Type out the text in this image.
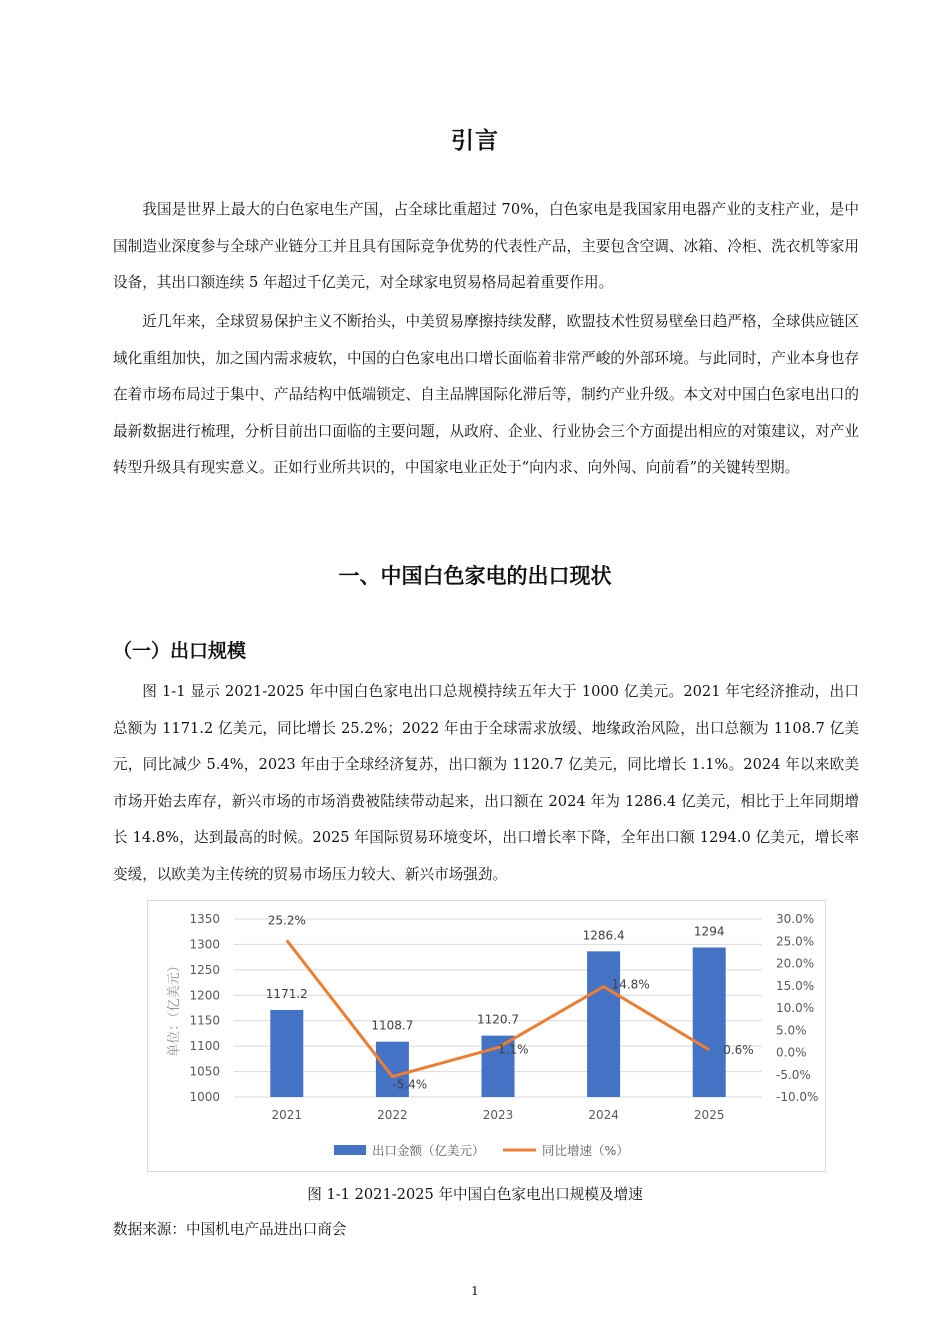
引言

我国是世界上最大的白色家电生产国，占全球比重超过 70%，白色家电是我国家用电器产业的支柱产业，是中国制造业深度参与全球产业链分工并且具有国际竞争优势的代表性产品，主要包含空调、冰箱、冷柜、洗衣机等家用设备，其出口额连续 5 年超过千亿美元，对全球家电贸易格局起着重要作用。

近几年来，全球贸易保护主义不断抬头，中美贸易摩擦持续发酵，欧盟技术性贸易壁垒日趋严格，全球供应链区域化重组加快，加之国内需求疲软，中国的白色家电出口增长面临着非常严峻的外部环境。与此同时，产业本身也存在着市场布局过于集中、产品结构中低端锁定、自主品牌国际化滞后等，制约产业升级。本文对中国白色家电出口的最新数据进行梳理，分析目前出口面临的主要问题，从政府、企业、行业协会三个方面提出相应的对策建议，对产业转型升级具有现实意义。正如行业所共识的，中国家电业正处于“向内求、向外闯、向前看”的关键转型期。

一、中国白色家电的出口现状
（一）出口规模

图 1-1 显示 2021-2025 年中国白色家电出口总规模持续五年大于 1000 亿美元。2021 年宅经济推动，出口总额为 1171.2 亿美元，同比增长 25.2%；2022 年由于全球需求放缓、地缘政治风险，出口总额为 1108.7 亿美元，同比减少 5.4%，2023 年由于全球经济复苏，出口额为 1120.7 亿美元，同比增长 1.1%。2024 年以来欧美市场开始去库存，新兴市场的市场消费被陆续带动起来，出口额在 2024 年为 1286.4 亿美元，相比于上年同期增长 14.8%，达到最高的时候。2025 年国际贸易环境变坏，出口增长率下降，全年出口额 1294.0 亿美元，增长率变缓，以欧美为主传统的贸易市场压力较大、新兴市场强劲。

1350
1300
1250
1200
1150
1100
1050
1000
30.0%
25.0%
20.0%
15.0%
10.0%
5.0%
0.0%
-5.0%
-10.0%
单位：（亿美元）	1171.2
1108.7	1120.7
1286.4	1294
2021	2022	2023	2024	2025
25.2%
-5.4%
1.1%
14.8%
0.6%
出口金额（亿美元）	同比增速（%）
图 1-1 2021-2025 年中国白色家电出口规模及增速
数据来源：中国机电产品进出口商会
1
